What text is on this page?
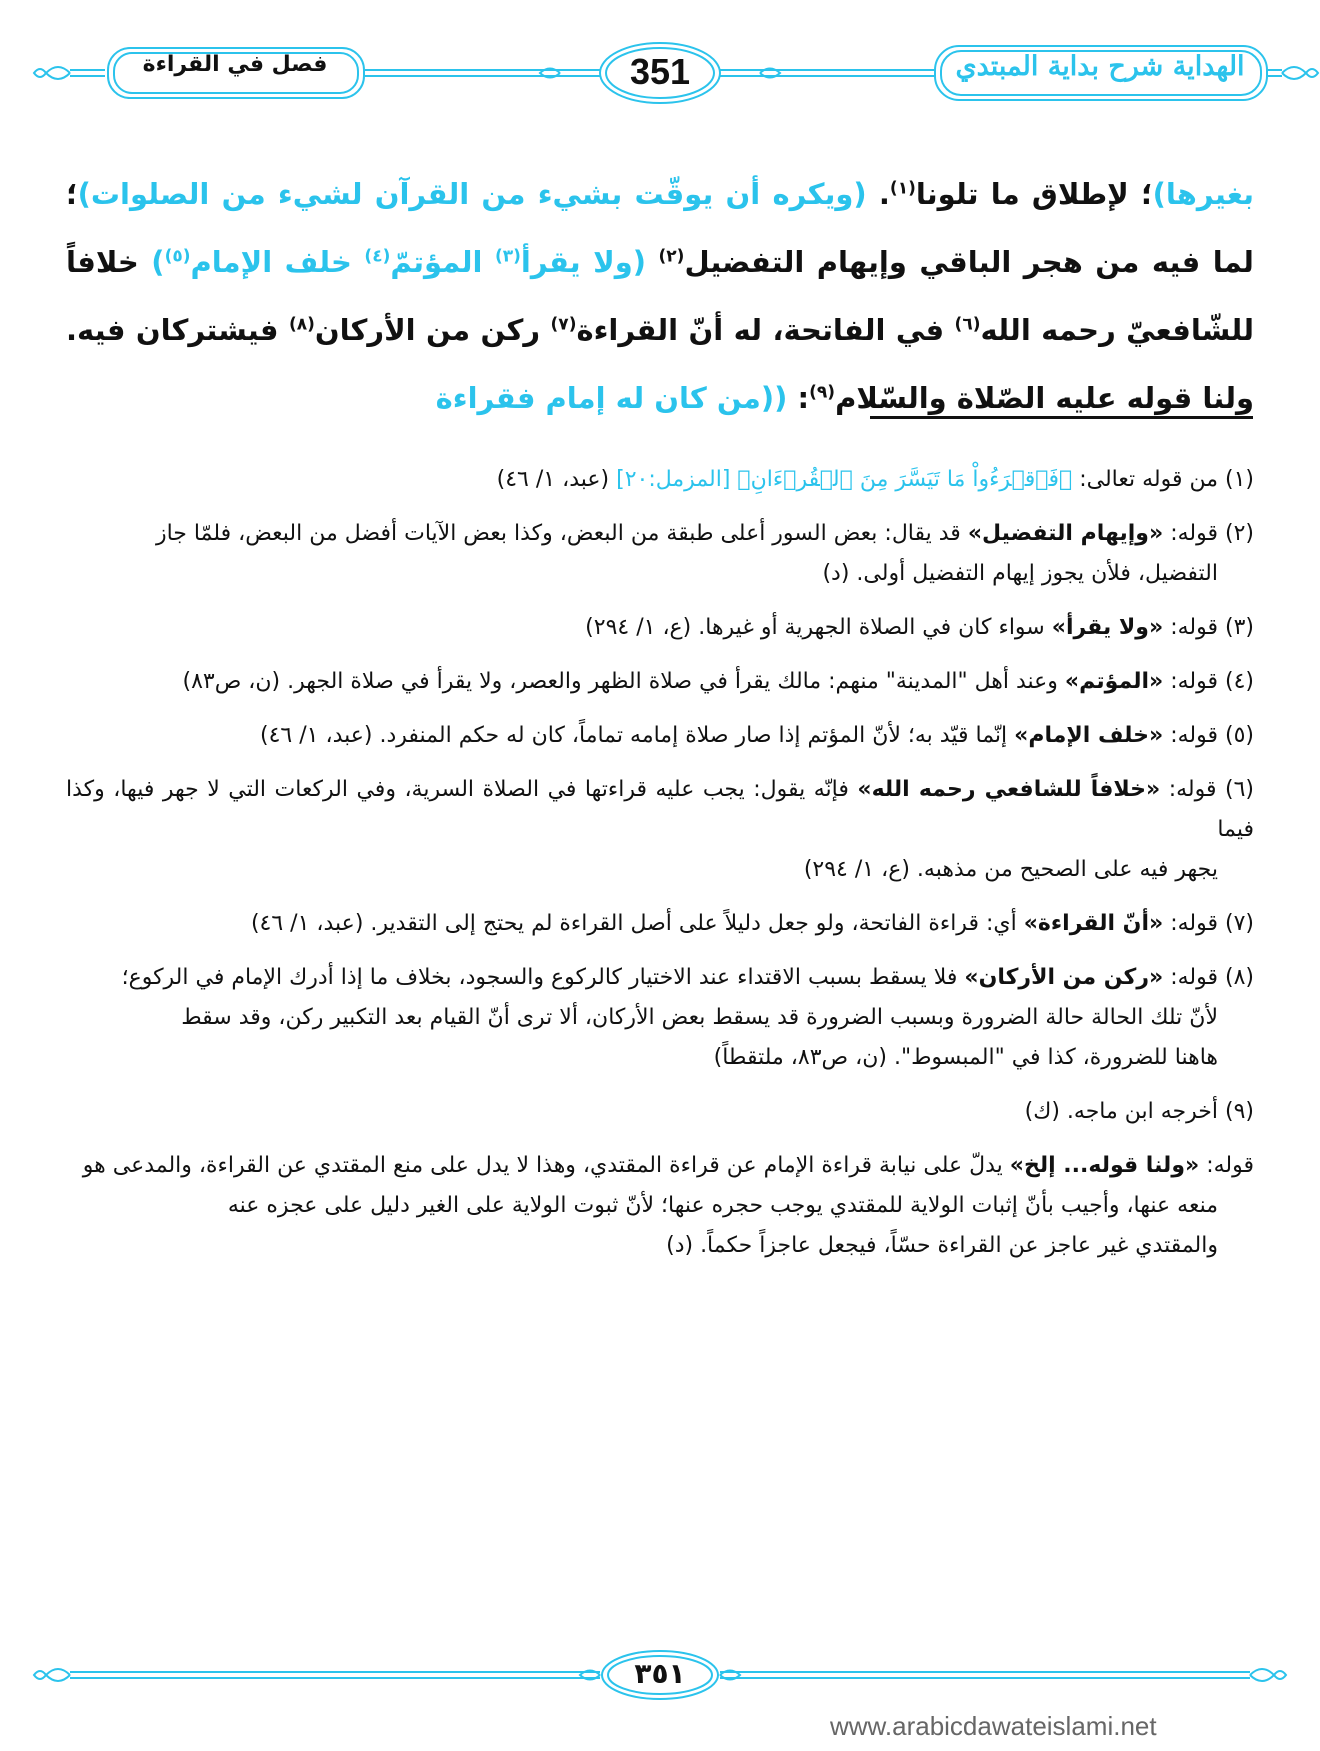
فصل في القراءة	351	الهداية شرح بداية المبتدي
بغيرها)؛ لإطلاق ما تلونا$^{(١)}$. (ويكره أن يوقّت بشيء من القرآن لشيء من الصلوات)؛ لما فيه من هجر الباقي وإيهام التفضيل$^{(٢)}$ (ولا يقرأ$^{(٣)}$ المؤتمّ$^{(٤)}$ خلف الإمام$^{(٥)}$) خلافاً للشّافعيّ رحمه الله$^{(٦)}$ في الفاتحة، له أنّ القراءة$^{(٧)}$ ركن من الأركان$^{(٨)}$ فيشتركان فيه. ولنا قوله عليه الصّلاة والسّلام$^{(٩)}$: ((من كان له إمام فقراءة

(١) من قوله تعالى: ﴿فَٱقۡرَءُواْ مَا تَيَسَّرَ مِنَ ٱلۡقُرۡءَانِ﴾ [المزمل:٢٠] (عبد، ١/ ٤٦)

(٢) قوله: «وإيهام التفضيل» قد يقال: بعض السور أعلى طبقة من البعض، وكذا بعض الآيات أفضل من البعض، فلمّا جاز
التفضيل، فلأن يجوز إيهام التفضيل أولى. (د)

(٣) قوله: «ولا يقرأ» سواء كان في الصلاة الجهرية أو غيرها. (ع، ١/ ٢٩٤)

(٤) قوله: «المؤتم» وعند أهل "المدينة" منهم: مالك يقرأ في صلاة الظهر والعصر، ولا يقرأ في صلاة الجهر. (ن، ص٨٣)

(٥) قوله: «خلف الإمام» إنّما قيّد به؛ لأنّ المؤتم إذا صار صلاة إمامه تماماً، كان له حكم المنفرد. (عبد، ١/ ٤٦)

(٦) قوله: «خلافاً للشافعي رحمه الله» فإنّه يقول: يجب عليه قراءتها في الصلاة السرية، وفي الركعات التي لا جهر فيها، وكذا فيما
يجهر فيه على الصحيح من مذهبه. (ع، ١/ ٢٩٤)

(٧) قوله: «أنّ القراءة» أي: قراءة الفاتحة، ولو جعل دليلاً على أصل القراءة لم يحتج إلى التقدير. (عبد، ١/ ٤٦)

(٨) قوله: «ركن من الأركان» فلا يسقط بسبب الاقتداء عند الاختيار كالركوع والسجود، بخلاف ما إذا أدرك الإمام في الركوع؛
لأنّ تلك الحالة حالة الضرورة وبسبب الضرورة قد يسقط بعض الأركان، ألا ترى أنّ القيام بعد التكبير ركن، وقد سقط
هاهنا للضرورة، كذا في "المبسوط". (ن، ص٨٣، ملتقطاً)

(٩) أخرجه ابن ماجه. (ك)

قوله: «ولنا قوله... إلخ» يدلّ على نيابة قراءة الإمام عن قراءة المقتدي، وهذا لا يدل على منع المقتدي عن القراءة، والمدعى هو
منعه عنها، وأجيب بأنّ إثبات الولاية للمقتدي يوجب حجره عنها؛ لأنّ ثبوت الولاية على الغير دليل على عجزه عنه
والمقتدي غير عاجز عن القراءة حسّاً، فيجعل عاجزاً حكماً. (د)

٣٥١
www.arabicdawateislami.net
